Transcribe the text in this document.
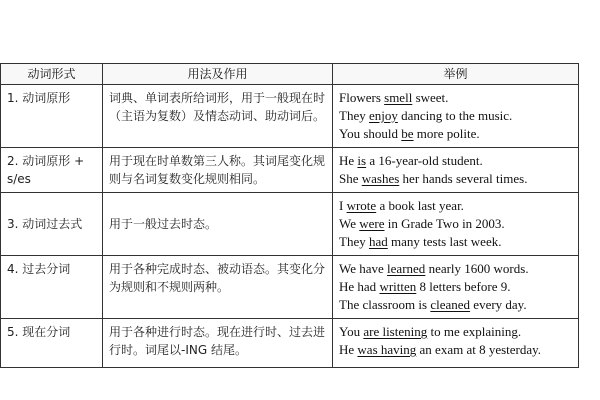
动词形式	用法及作用	举例
1. 动词原形	词典、单词表所给词形，用于一般现在时（主语为复数）及情态动词、助动词后。	Flowers smell sweet.
They enjoy dancing to the music.
You should be more polite.

2. 动词原形 + s/es	用于现在时单数第三人称。其词尾变化规则与名词复数变化规则相同。	He is a 16-year-old student.
She washes her hands several times.

3. 动词过去式	用于一般过去时态。	I wrote a book last year.
We were in Grade Two in 2003.
They had many tests last week.

4. 过去分词	用于各种完成时态、被动语态。其变化分为规则和不规则两种。	We have learned nearly 1600 words.
He had written 8 letters before 9.
The classroom is cleaned every day.

5. 现在分词	用于各种进行时态。现在进行时、过去进行时。词尾以-ING 结尾。	You are listening to me explaining.
He was having an exam at 8 yesterday.
